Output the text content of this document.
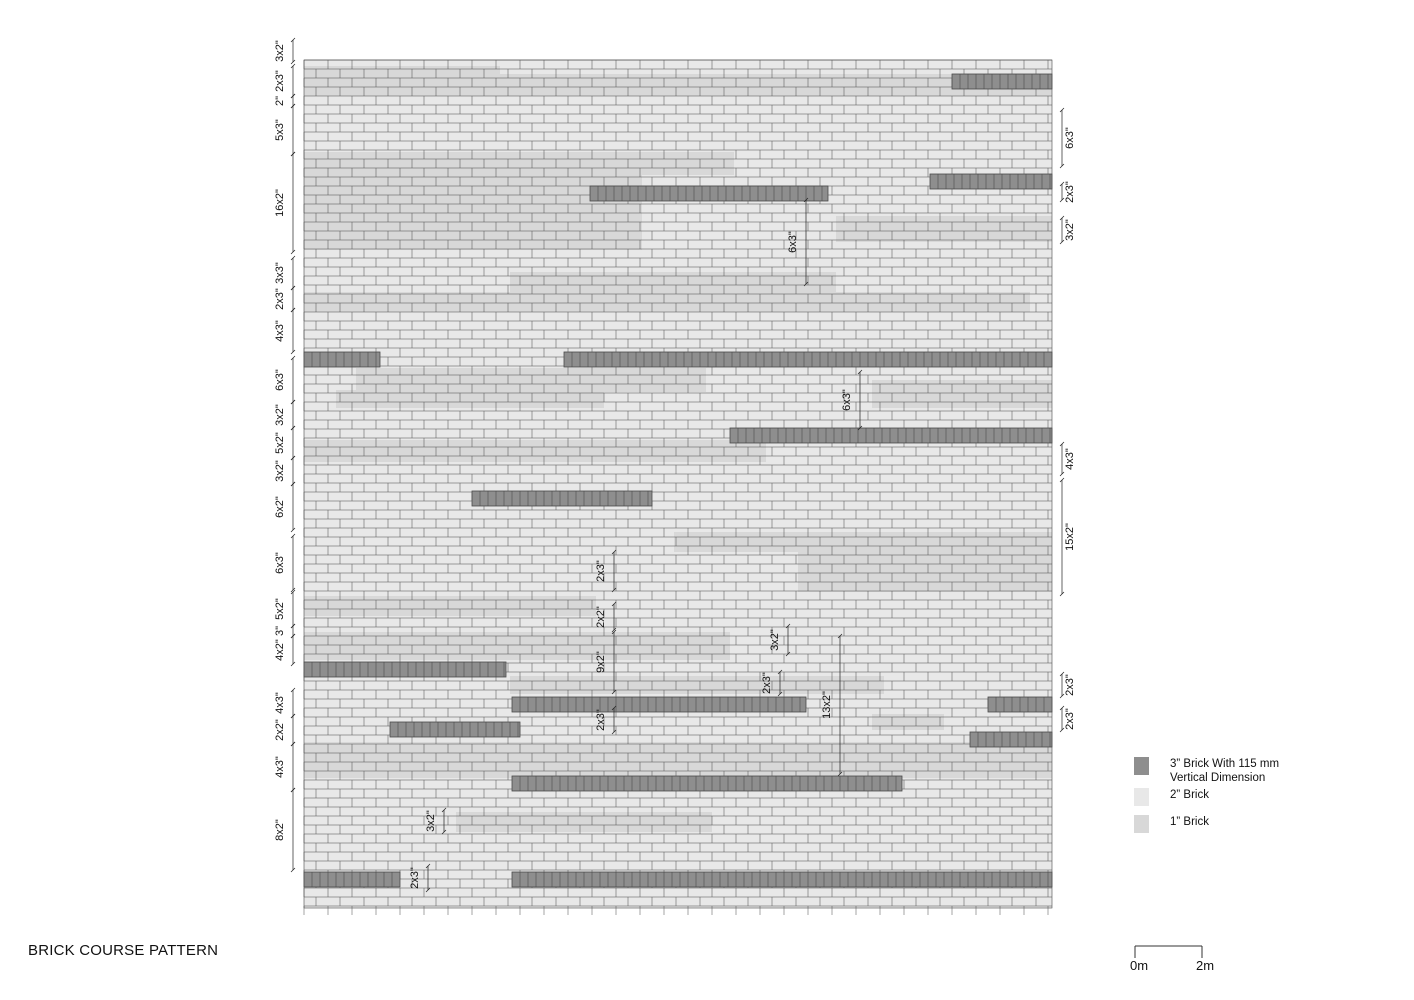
3x2"
2x3"
2"
5x3"
16x2"
3x3"
2x3"
4x3"
6x3"
3x2"
5x2"
3x2"
6x2"
6x3"
5x2"
3"
4x2"
4x3"
2x2"
4x3"
8x2"
6x3"
2x3"
3x2"
4x3"
15x2"
2x3"
2x3"
6x3"
6x3"
2x3"
2x2"
9x2"
3x2"
2x3"
13x2"
2x3"
3x2"
2x3"
BRICK COURSE PATTERN
3” Brick With 115 mm
Vertical Dimension
2” Brick
1” Brick
0m	2m
